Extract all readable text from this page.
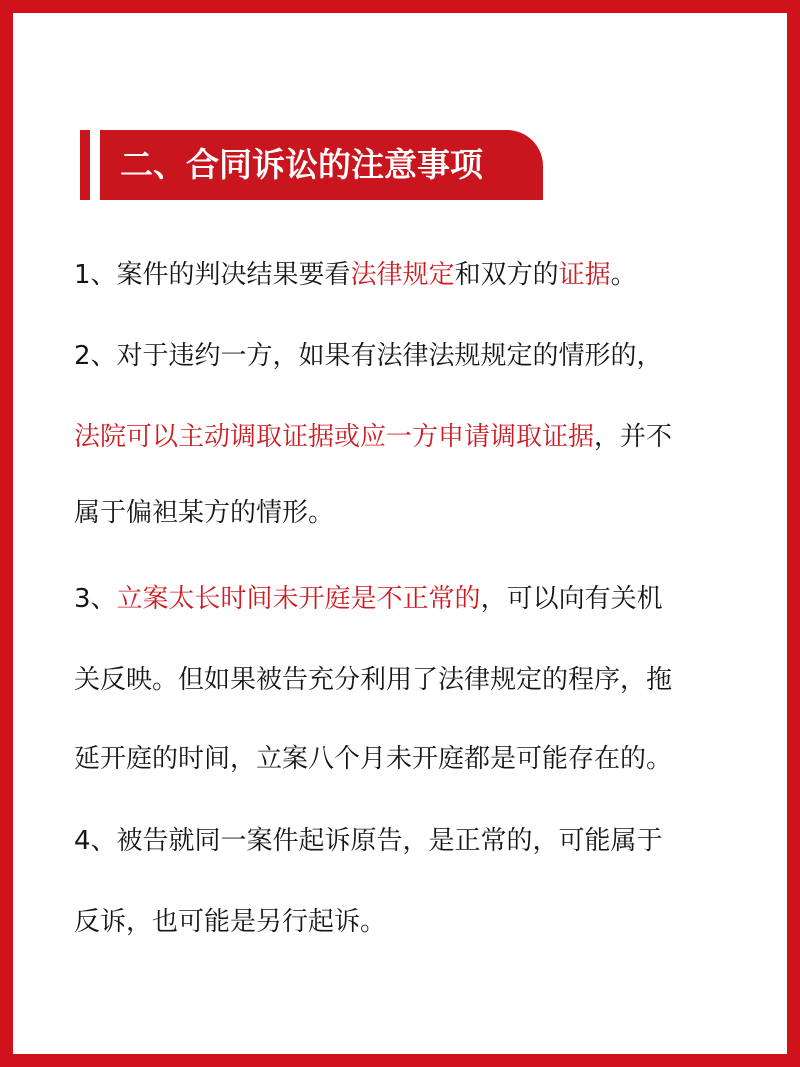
二、合同诉讼的注意事项
1、案件的判决结果要看法律规定和双方的证据。
2、对于违约一方，如果有法律法规规定的情形的，
法院可以主动调取证据或应一方申请调取证据，并不
属于偏袒某方的情形。
3、立案太长时间未开庭是不正常的，可以向有关机
关反映。但如果被告充分利用了法律规定的程序，拖
延开庭的时间，立案八个月未开庭都是可能存在的。
4、被告就同一案件起诉原告，是正常的，可能属于
反诉，也可能是另行起诉。
